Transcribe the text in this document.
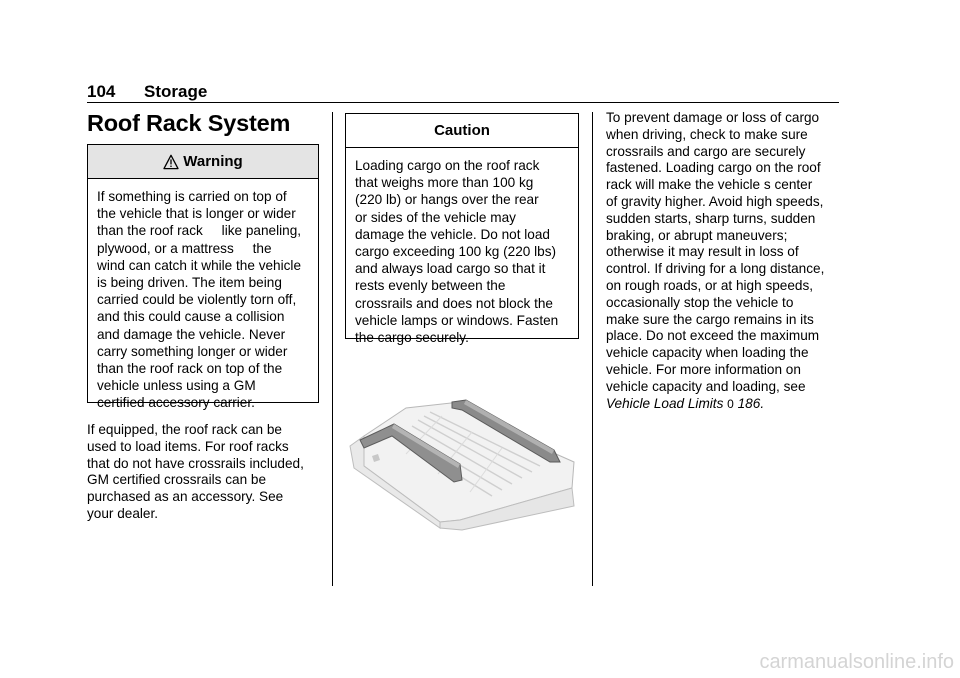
104 Storage
Roof Rack System
Warning
If something is carried on top of
the vehicle that is longer or wider
than the roof rack     like paneling,
plywood, or a mattress     the
wind can catch it while the vehicle
is being driven. The item being
carried could be violently torn off,
and this could cause a collision
and damage the vehicle. Never
carry something longer or wider
than the roof rack on top of the
vehicle unless using a GM
certified accessory carrier.
If equipped, the roof rack can be
used to load items. For roof racks
that do not have crossrails included,
GM certified crossrails can be
purchased as an accessory. See
your dealer.
Caution
Loading cargo on the roof rack
that weighs more than 100 kg
(220 lb) or hangs over the rear
or sides of the vehicle may
damage the vehicle. Do not load
cargo exceeding 100 kg (220 lbs)
and always load cargo so that it
rests evenly between the
crossrails and does not block the
vehicle lamps or windows. Fasten
the cargo securely.
To prevent damage or loss of cargo
when driving, check to make sure
crossrails and cargo are securely
fastened. Loading cargo on the roof
rack will make the vehicle s center
of gravity higher. Avoid high speeds,
sudden starts, sharp turns, sudden
braking, or abrupt maneuvers;
otherwise it may result in loss of
control. If driving for a long distance,
on rough roads, or at high speeds,
occasionally stop the vehicle to
make sure the cargo remains in its
place. Do not exceed the maximum
vehicle capacity when loading the
vehicle. For more information on
vehicle capacity and loading, see
Vehicle Load Limits 0 186.
carmanualsonline.info
